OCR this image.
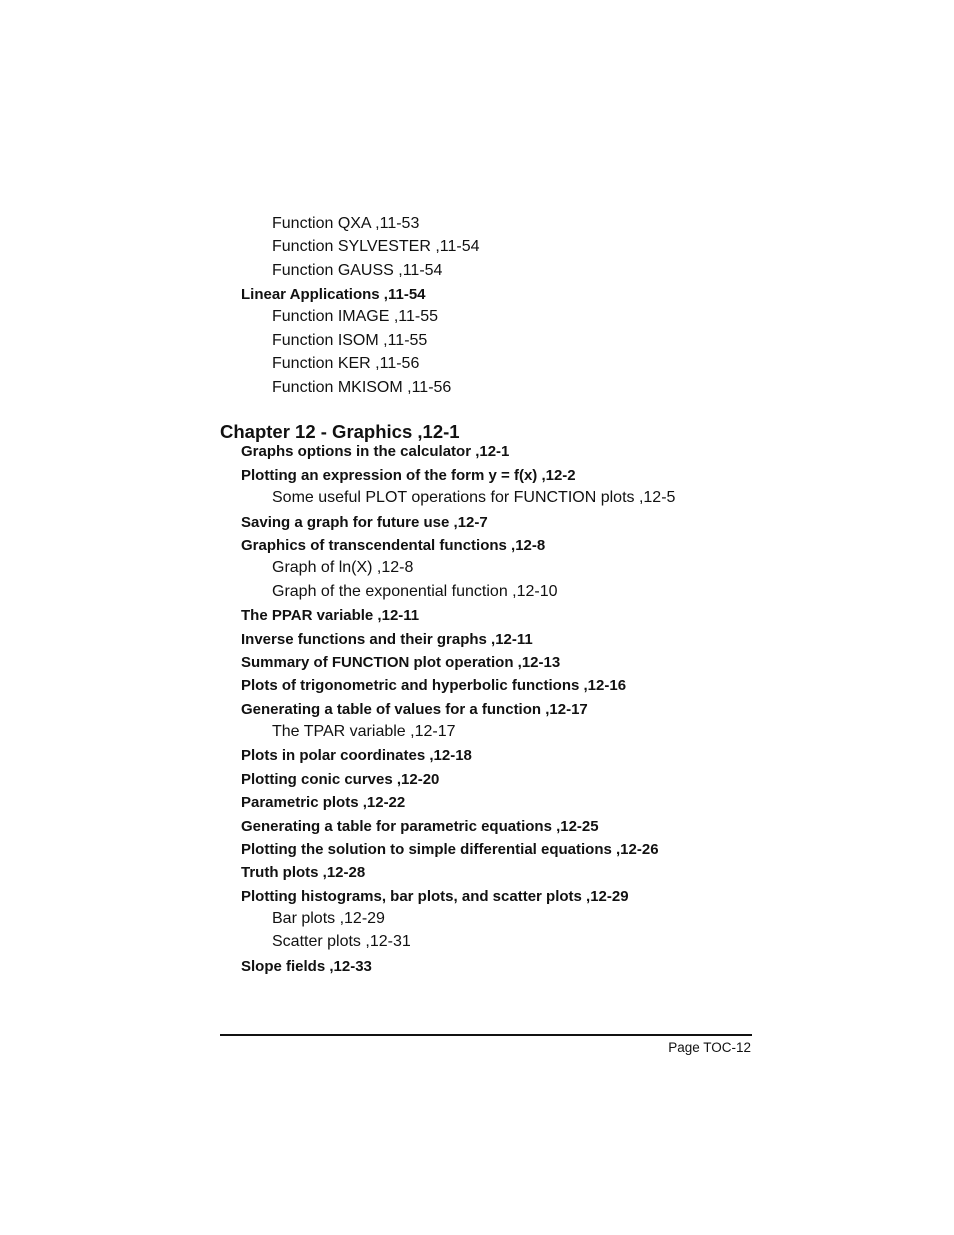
Function QXA ,11-53
Function SYLVESTER ,11-54
Function GAUSS ,11-54
Linear Applications ,11-54
Function IMAGE ,11-55
Function ISOM ,11-55
Function KER ,11-56
Function MKISOM ,11-56
Chapter 12 - Graphics ,12-1
Graphs options in the calculator ,12-1
Plotting an expression of the form y = f(x) ,12-2
Some useful PLOT operations for FUNCTION plots ,12-5
Saving a graph for future use ,12-7
Graphics of transcendental functions ,12-8
Graph of ln(X) ,12-8
Graph of the exponential function ,12-10
The PPAR variable ,12-11
Inverse functions and their graphs ,12-11
Summary of FUNCTION plot operation ,12-13
Plots of trigonometric and hyperbolic functions ,12-16
Generating a table of values for a function ,12-17
The TPAR variable ,12-17
Plots in polar coordinates ,12-18
Plotting conic curves ,12-20
Parametric plots ,12-22
Generating a table for parametric equations ,12-25
Plotting the solution to simple differential equations ,12-26
Truth plots ,12-28
Plotting histograms, bar plots, and scatter plots ,12-29
Bar plots ,12-29
Scatter plots ,12-31
Slope fields ,12-33
Page TOC-12
